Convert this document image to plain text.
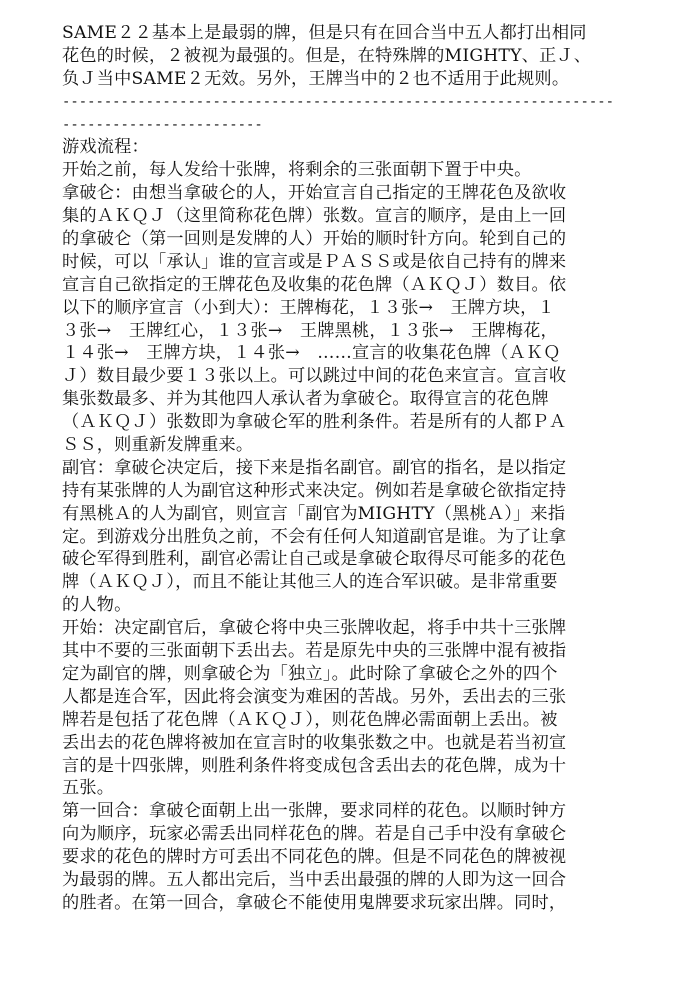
SAME２２基本上是最弱的牌，但是只有在回合当中五人都打出相同
花色的时候，２被视为最强的。但是，在特殊牌的MIGHTY、正Ｊ、
负Ｊ当中SAME２无效。另外，王牌当中的２也不适用于此规则。
------------------------------------------------------------------
------------------------
游戏流程：
开始之前，每人发给十张牌，将剩余的三张面朝下置于中央。
拿破仑：由想当拿破仑的人，开始宣言自己指定的王牌花色及欲收
集的ＡＫＱＪ（这里简称花色牌）张数。宣言的顺序，是由上一回
的拿破仑（第一回则是发牌的人）开始的顺时针方向。轮到自己的
时候，可以「承认」谁的宣言或是ＰＡＳＳ或是依自己持有的牌来
宣言自己欲指定的王牌花色及收集的花色牌（ＡＫＱＪ）数目。依
以下的顺序宣言（小到大）：王牌梅花，１３张→　王牌方块，１
３张→　王牌红心，１３张→　王牌黑桃，１３张→　王牌梅花，
１４张→　王牌方块，１４张→　……宣言的收集花色牌（ＡＫＱ
Ｊ）数目最少要１３张以上。可以跳过中间的花色来宣言。宣言收
集张数最多、并为其他四人承认者为拿破仑。取得宣言的花色牌
（ＡＫＱＪ）张数即为拿破仑军的胜利条件。若是所有的人都ＰＡ
ＳＳ，则重新发牌重来。
副官：拿破仑决定后，接下来是指名副官。副官的指名，是以指定
持有某张牌的人为副官这种形式来决定。例如若是拿破仑欲指定持
有黑桃Ａ的人为副官，则宣言「副官为MIGHTY（黑桃Ａ）」来指
定。到游戏分出胜负之前，不会有任何人知道副官是谁。为了让拿
破仑军得到胜利，副官必需让自己或是拿破仑取得尽可能多的花色
牌（ＡＫＱＪ），而且不能让其他三人的连合军识破。是非常重要
的人物。
开始：决定副官后，拿破仑将中央三张牌收起，将手中共十三张牌
其中不要的三张面朝下丢出去。若是原先中央的三张牌中混有被指
定为副官的牌，则拿破仑为「独立」。此时除了拿破仑之外的四个
人都是连合军，因此将会演变为难困的苦战。另外，丢出去的三张
牌若是包括了花色牌（ＡＫＱＪ），则花色牌必需面朝上丢出。被
丢出去的花色牌将被加在宣言时的收集张数之中。也就是若当初宣
言的是十四张牌，则胜利条件将变成包含丢出去的花色牌，成为十
五张。
第一回合：拿破仑面朝上出一张牌，要求同样的花色。以顺时钟方
向为顺序，玩家必需丢出同样花色的牌。若是自己手中没有拿破仑
要求的花色的牌时方可丢出不同花色的牌。但是不同花色的牌被视
为最弱的牌。五人都出完后，当中丢出最强的牌的人即为这一回合
的胜者。在第一回合，拿破仑不能使用鬼牌要求玩家出牌。同时，
